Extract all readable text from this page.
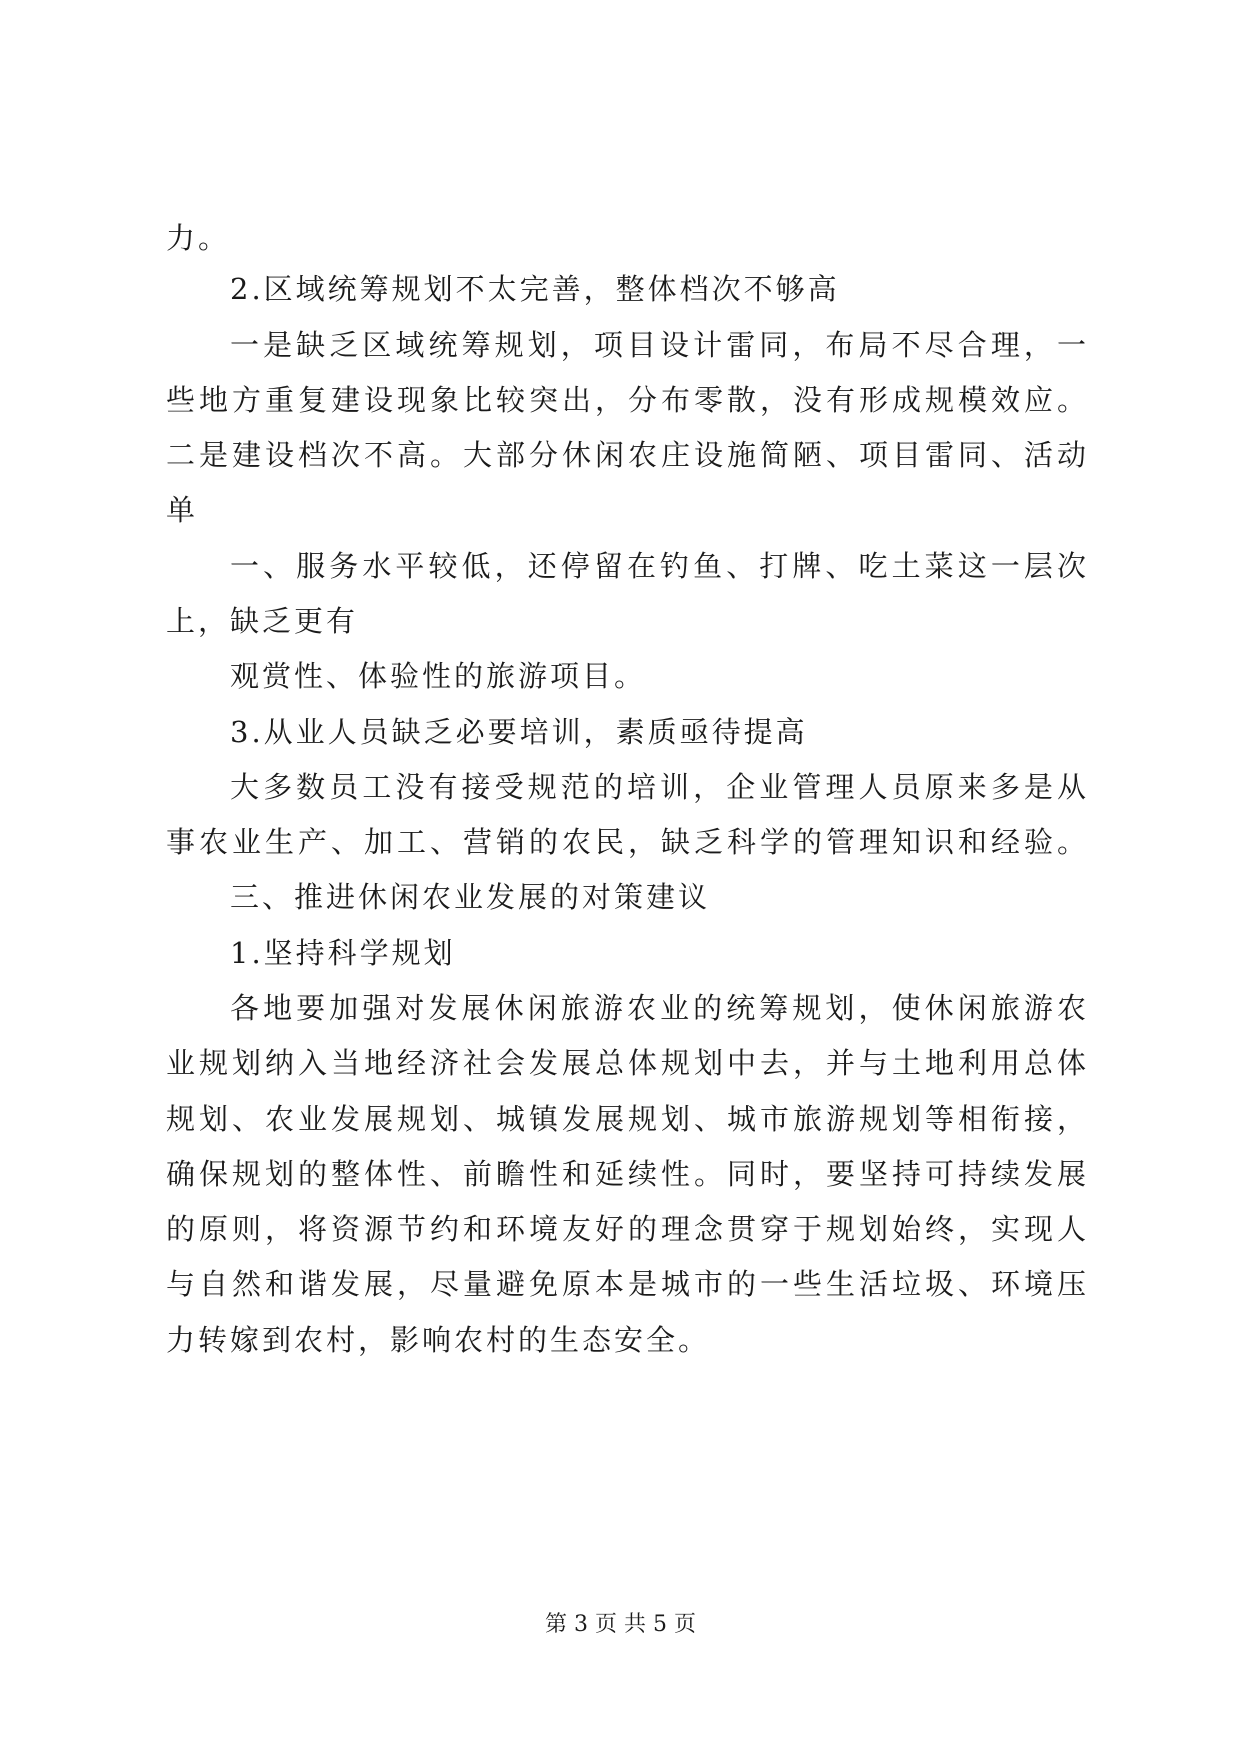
力。
2.区域统筹规划不太完善，整体档次不够高
一是缺乏区域统筹规划，项目设计雷同，布局不尽合理，一
些地方重复建设现象比较突出，分布零散，没有形成规模效应。
二是建设档次不高。大部分休闲农庄设施简陋、项目雷同、活动
单
一、服务水平较低，还停留在钓鱼、打牌、吃土菜这一层次
上，缺乏更有
观赏性、体验性的旅游项目。
3.从业人员缺乏必要培训，素质亟待提高
大多数员工没有接受规范的培训，企业管理人员原来多是从
事农业生产、加工、营销的农民，缺乏科学的管理知识和经验。
三、推进休闲农业发展的对策建议
1.坚持科学规划
各地要加强对发展休闲旅游农业的统筹规划，使休闲旅游农
业规划纳入当地经济社会发展总体规划中去，并与土地利用总体
规划、农业发展规划、城镇发展规划、城市旅游规划等相衔接，
确保规划的整体性、前瞻性和延续性。同时，要坚持可持续发展
的原则，将资源节约和环境友好的理念贯穿于规划始终，实现人
与自然和谐发展，尽量避免原本是城市的一些生活垃圾、环境压
力转嫁到农村，影响农村的生态安全。
第 3 页 共 5 页
